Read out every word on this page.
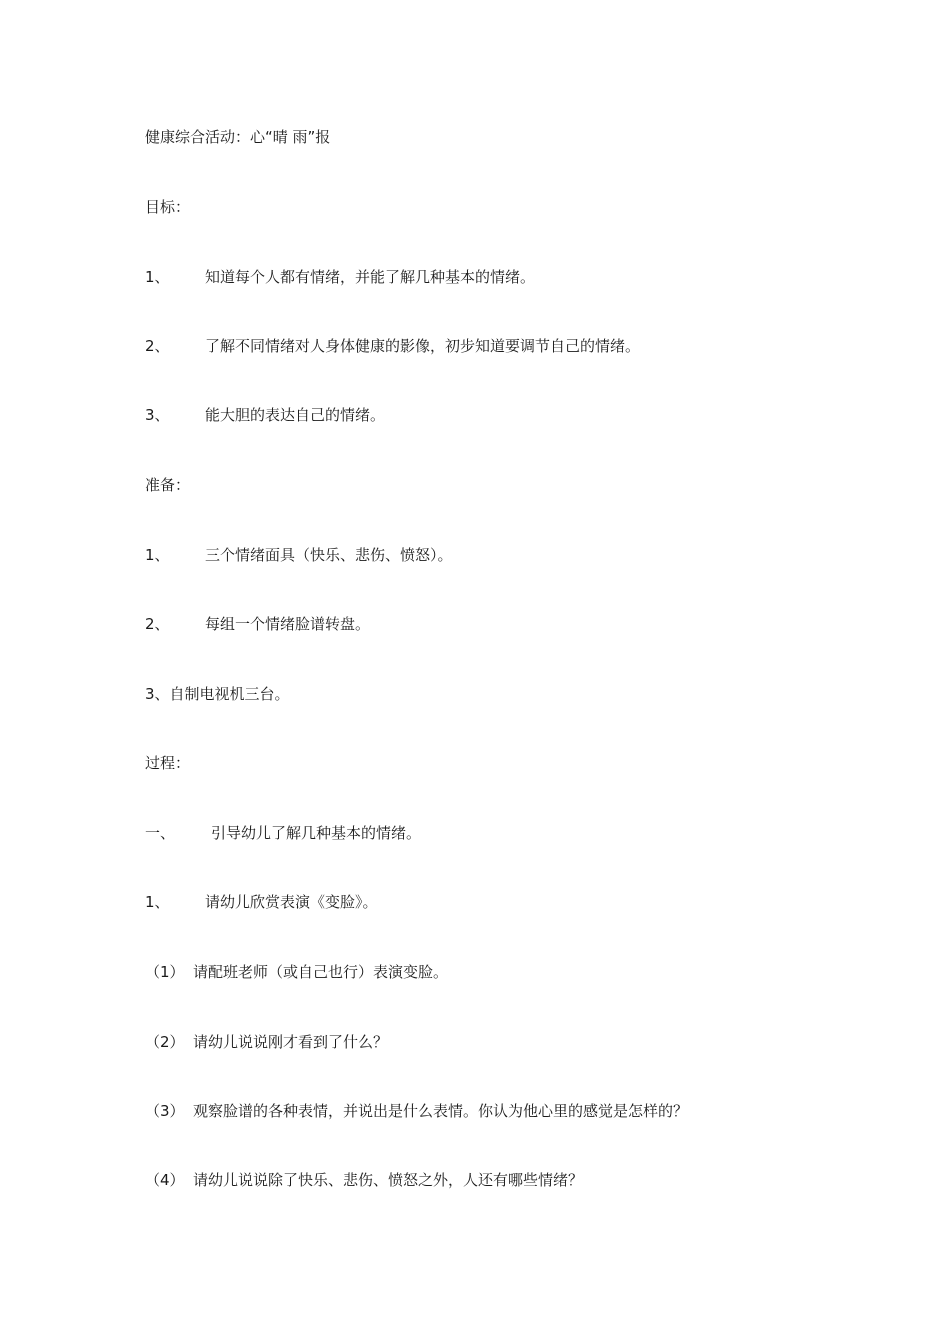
健康综合活动：心“晴 雨”报
目标：
1、 知道每个人都有情绪，并能了解几种基本的情绪。
2、 了解不同情绪对人身体健康的影像，初步知道要调节自己的情绪。
3、 能大胆的表达自己的情绪。
准备：
1、 三个情绪面具（快乐、悲伤、愤怒）。
2、 每组一个情绪脸谱转盘。
3、自制电视机三台。
过程：
一、 引导幼儿了解几种基本的情绪。
1、 请幼儿欣赏表演《变脸》。
（1） 请配班老师（或自己也行）表演变脸。
（2） 请幼儿说说刚才看到了什么？
（3） 观察脸谱的各种表情，并说出是什么表情。你认为他心里的感觉是怎样的？
（4） 请幼儿说说除了快乐、悲伤、愤怒之外，人还有哪些情绪？
